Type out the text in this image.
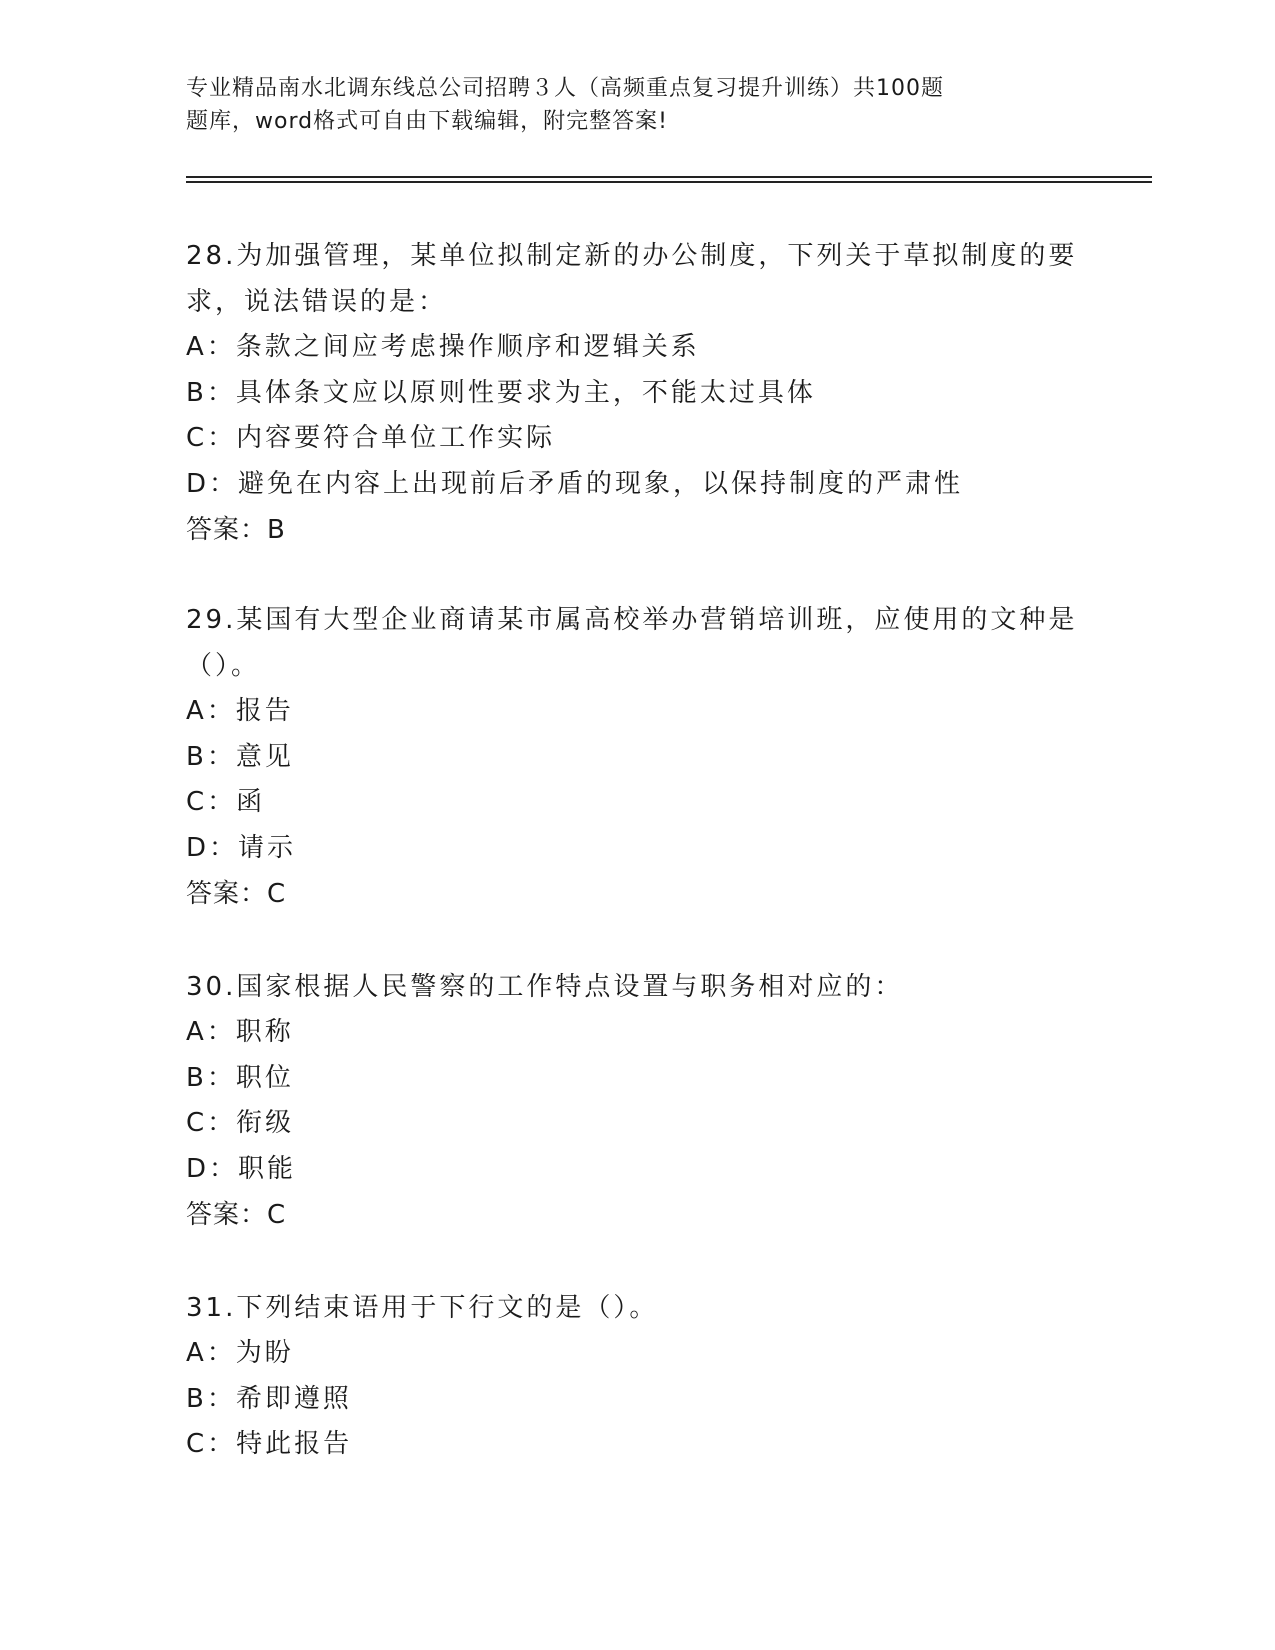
专业精品南水北调东线总公司招聘３人（高频重点复习提升训练）共100题
题库，word格式可自由下载编辑，附完整答案!
28.为加强管理，某单位拟制定新的办公制度，下列关于草拟制度的要
求，说法错误的是：
A：条款之间应考虑操作顺序和逻辑关系
B：具体条文应以原则性要求为主，不能太过具体
C：内容要符合单位工作实际
D：避免在内容上出现前后矛盾的现象，以保持制度的严肃性
答案：B
29.某国有大型企业商请某市属高校举办营销培训班，应使用的文种是
（）。
A：报告
B：意见
C：函
D：请示
答案：C
30.国家根据人民警察的工作特点设置与职务相对应的：
A：职称
B：职位
C：衔级
D：职能
答案：C
31.下列结束语用于下行文的是（）。
A：为盼
B：希即遵照
C：特此报告
